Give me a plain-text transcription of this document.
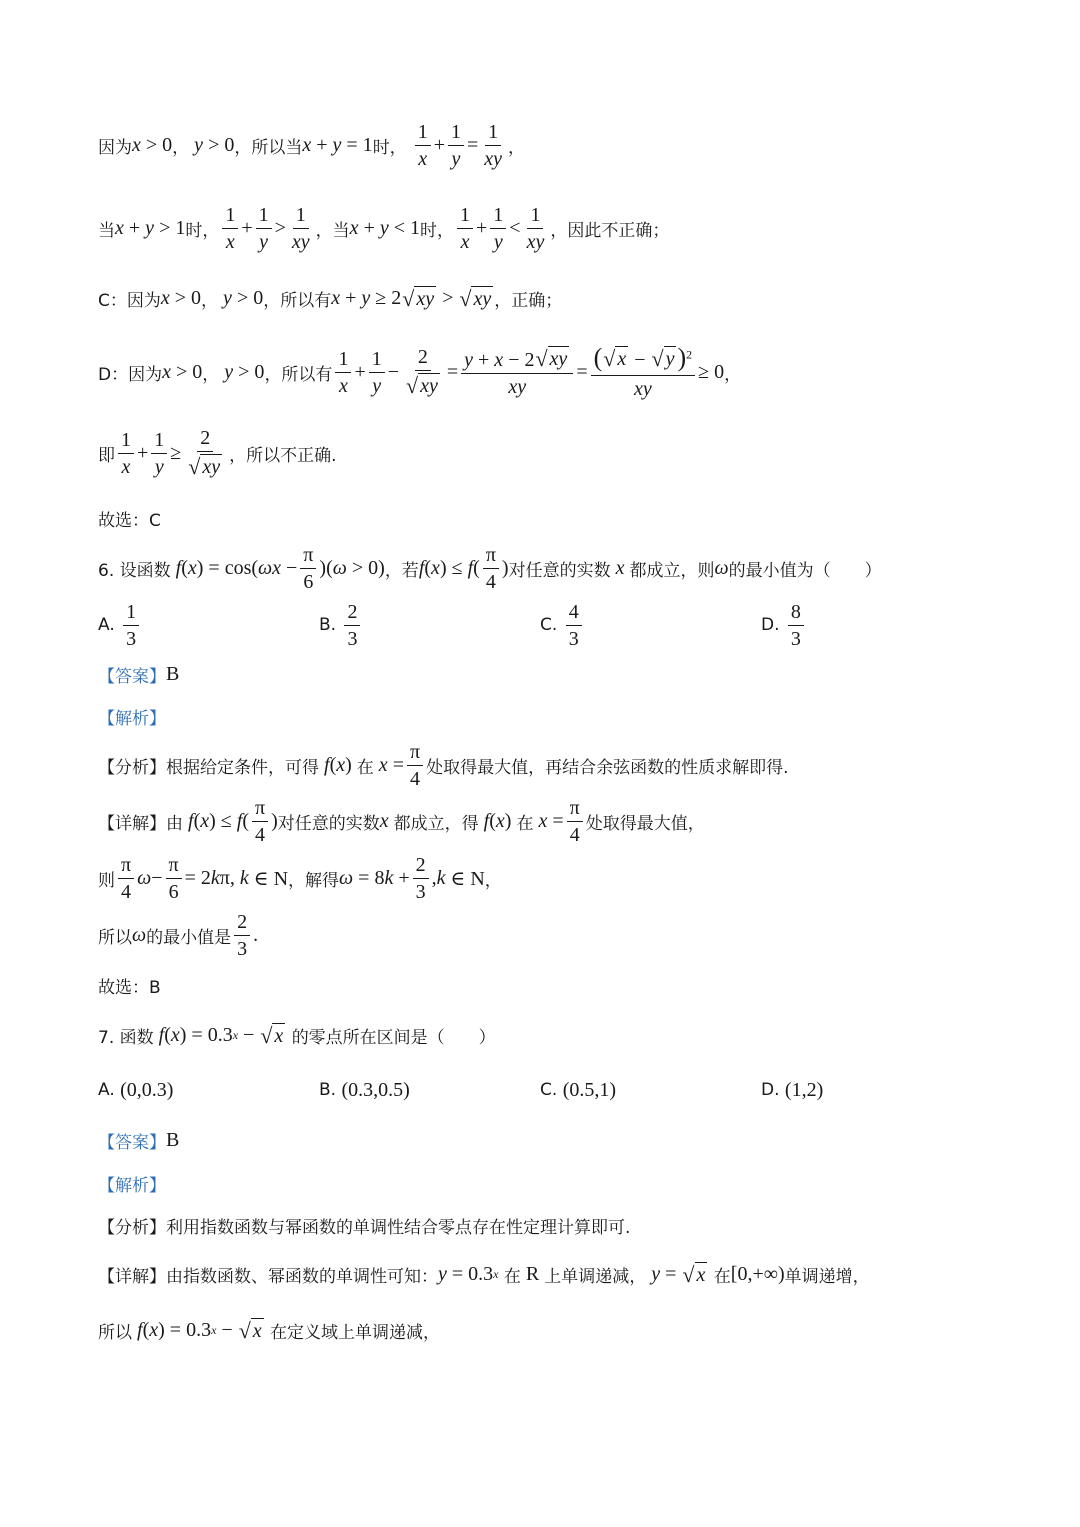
因为 x > 0 ， y > 0 ，所以当 x + y = 1 时，
$\frac{1}{x} + \frac{1}{y} = \frac{1}{xy}$ ，
当 x + y > 1 时， $\frac{1}{x} + \frac{1}{y} > \frac{1}{xy}$ ，当 x + y < 1 时， $\frac{1}{x} + \frac{1}{y} < \frac{1}{xy}$ ，因此不正确；
C：因为 x > 0 ， y > 0 ，所以有 x + y ≥ 2 √ xy > √ xy ，正确；
D：因为 x > 0 ， y > 0 ，所以有 $\frac{1}{x} + \frac{1}{y} - \frac{2}{√ xy} = \frac{y + x - 2 √ xy}{xy} = \frac{( √ x - √ y )^2}{xy} \ge 0$ ，
即 $\frac{1}{x} + \frac{1}{y} \ge \frac{2}{√ xy}$ ，所以不正确.
故选：C
6. 设函数 f ( x ) = cos( $\omega x - \frac{\pi}{6}$ )( ω > 0) ，若 f ( x ) ≤ f ( $\frac{\pi}{4}$ ) 对任意的实数 x 都成立，则 ω 的最小值为（　　）
A.
$\frac{1}{3}$	B.
$\frac{2}{3}$	C.
$\frac{4}{3}$	D.
$\frac{8}{3}$
【答案】 B
【解析】
【分析】 根据给定条件，可得 f ( x ) 在 $x = \frac{\pi}{4}$ 处取得最大值，再结合余弦函数的性质求解即得.
【详解】 由 f ( x ) ≤ f ( $\frac{\pi}{4}$ ) 对任意的实数 x 都成立，得 f ( x ) 在 $x = \frac{\pi}{4}$ 处取得最大值，
则 $\frac{\pi}{4}$ $\omega - \frac{\pi}{6} = 2$ k π, k ∈ N ，解得 ω = 8 $k + \frac{2}{3}$ , k ∈ N ，
所以 ω 的最小值是 $\frac{2}{3}$ .
故选：B
7. 函数 f ( x ) = 0.3 x − √ x
的零点所在区间是（　　）
A.
(0,0.3)	B.
(0.3,0.5)	C.
(0.5,1)	D.
(1,2)
【答案】 B
【解析】
【分析】 利用指数函数与幂函数的单调性结合零点存在性定理计算即可.
【详解】 由指数函数、幂函数的单调性可知： y = 0.3 x
在 R 上单调递减， y = √ x
在 [0,+∞) 单调递增，
所以 f ( x ) = 0.3 x − √ x
在定义域上单调递减，
